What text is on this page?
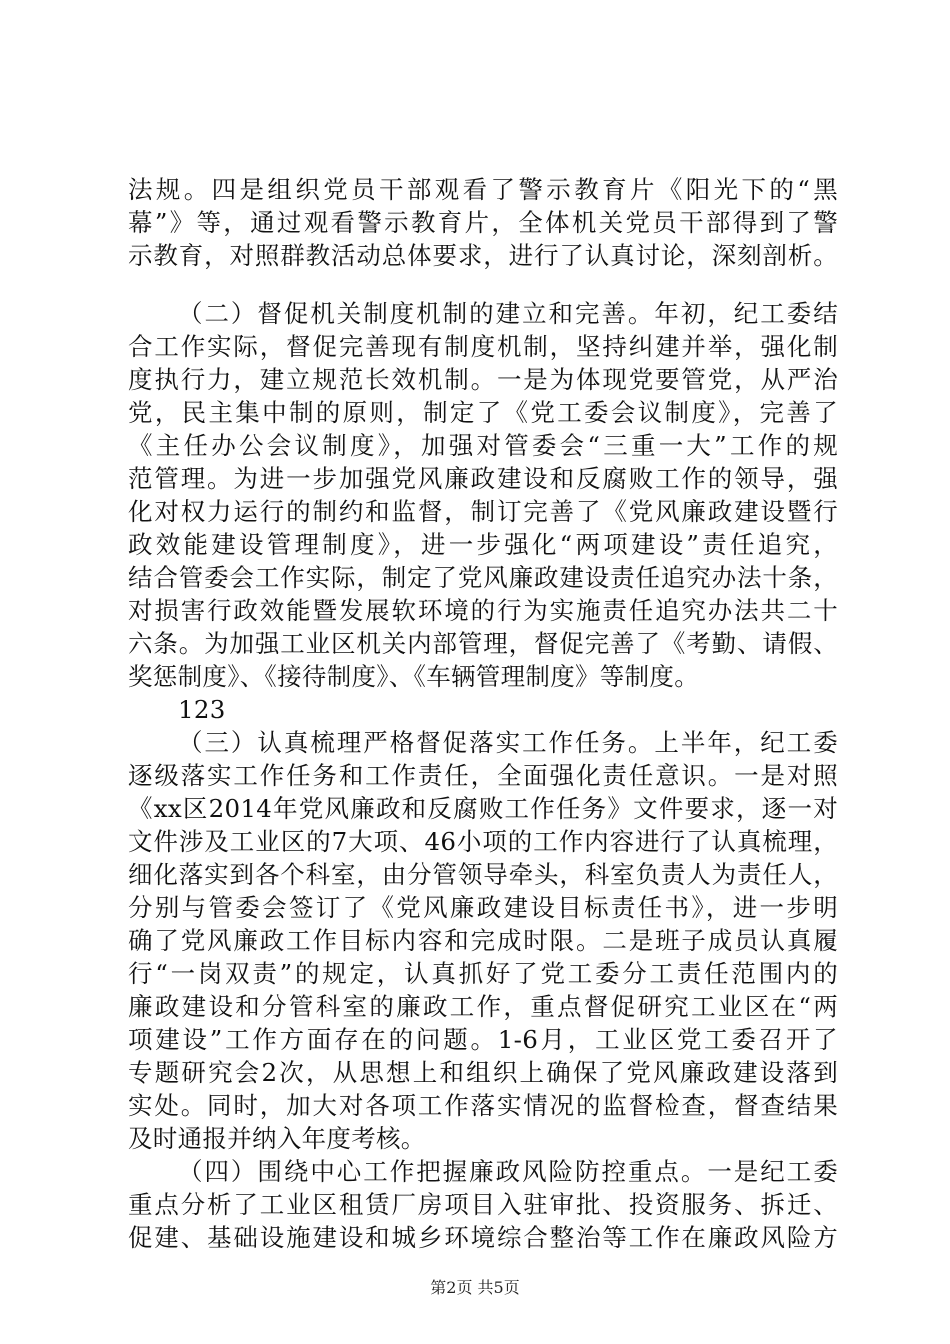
法规。四是组织党员干部观看了警示教育片《阳光下的“黑
幕”》等，通过观看警示教育片，全体机关党员干部得到了警
示教育，对照群教活动总体要求，进行了认真讨论，深刻剖析。
（二）督促机关制度机制的建立和完善。年初，纪工委结
合工作实际，督促完善现有制度机制，坚持纠建并举，强化制
度执行力，建立规范长效机制。一是为体现党要管党，从严治
党，民主集中制的原则，制定了《党工委会议制度》，完善了
《主任办公会议制度》，加强对管委会“三重一大”工作的规
范管理。为进一步加强党风廉政建设和反腐败工作的领导，强
化对权力运行的制约和监督，制订完善了《党风廉政建设暨行
政效能建设管理制度》，进一步强化“两项建设”责任追究，
结合管委会工作实际，制定了党风廉政建设责任追究办法十条，
对损害行政效能暨发展软环境的行为实施责任追究办法共二十
六条。为加强工业区机关内部管理，督促完善了《考勤、请假、
奖惩制度》、《接待制度》、《车辆管理制度》等制度。
123
（三）认真梳理严格督促落实工作任务。上半年，纪工委
逐级落实工作任务和工作责任，全面强化责任意识。一是对照
《xx区2014年党风廉政和反腐败工作任务》文件要求，逐一对
文件涉及工业区的7大项、46小项的工作内容进行了认真梳理，
细化落实到各个科室，由分管领导牵头，科室负责人为责任人，
分别与管委会签订了《党风廉政建设目标责任书》，进一步明
确了党风廉政工作目标内容和完成时限。二是班子成员认真履
行“一岗双责”的规定，认真抓好了党工委分工责任范围内的
廉政建设和分管科室的廉政工作，重点督促研究工业区在“两
项建设”工作方面存在的问题。1-6月，工业区党工委召开了
专题研究会2次，从思想上和组织上确保了党风廉政建设落到
实处。同时，加大对各项工作落实情况的监督检查，督查结果
及时通报并纳入年度考核。
（四）围绕中心工作把握廉政风险防控重点。一是纪工委
重点分析了工业区租赁厂房项目入驻审批、投资服务、拆迁、
促建、基础设施建设和城乡环境综合整治等工作在廉政风险方
第2页 共5页
